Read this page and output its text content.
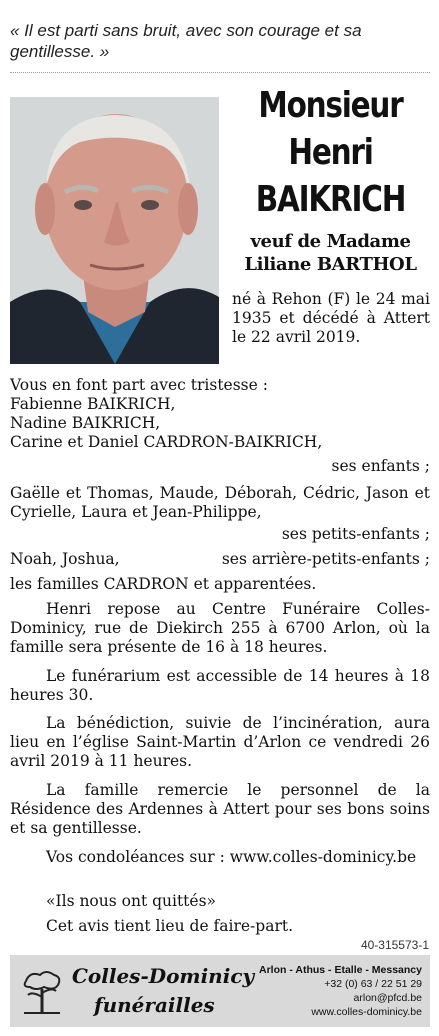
« Il est parti sans bruit, avec son courage et sa gentillesse. »
Monsieur
Henri
BAIKRICH
veuf de Madame
Liliane BARTHOL
né à Rehon (F) le 24 mai 1935 et décédé à Attert le 22 avril 2019.
Vous en font part avec tristesse :
Fabienne BAIKRICH,
Nadine BAIKRICH,
Carine et Daniel CARDRON-BAIKRICH,
ses enfants ;
Gaëlle et Thomas, Maude, Déborah, Cédric, Jason et Cyrielle, Laura et Jean-Philippe,
ses petits-enfants ;
Noah, Joshua,	ses arrière-petits-enfants ;
les familles CARDRON et apparentées.
Henri repose au Centre Funéraire Colles-Dominicy, rue de Diekirch 255 à 6700 Arlon, où la famille sera présente de 16 à 18 heures.
Le funérarium est accessible de 14 heures à 18 heures 30.
La bénédiction, suivie de l’incinération, aura lieu en l’église Saint-Martin d’Arlon ce vendredi 26 avril 2019 à 11 heures.
La famille remercie le personnel de la Résidence des Ardennes à Attert pour ses bons soins et sa gentillesse.
Vos condoléances sur : www.colles-dominicy.be
«Ils nous ont quittés»
Cet avis tient lieu de faire-part.
40-315573-1
Colles-Dominicy
funérailles
Arlon - Athus - Etalle - Messancy
+32 (0) 63 / 22 51 29
arlon@pfcd.be
www.colles-dominicy.be
